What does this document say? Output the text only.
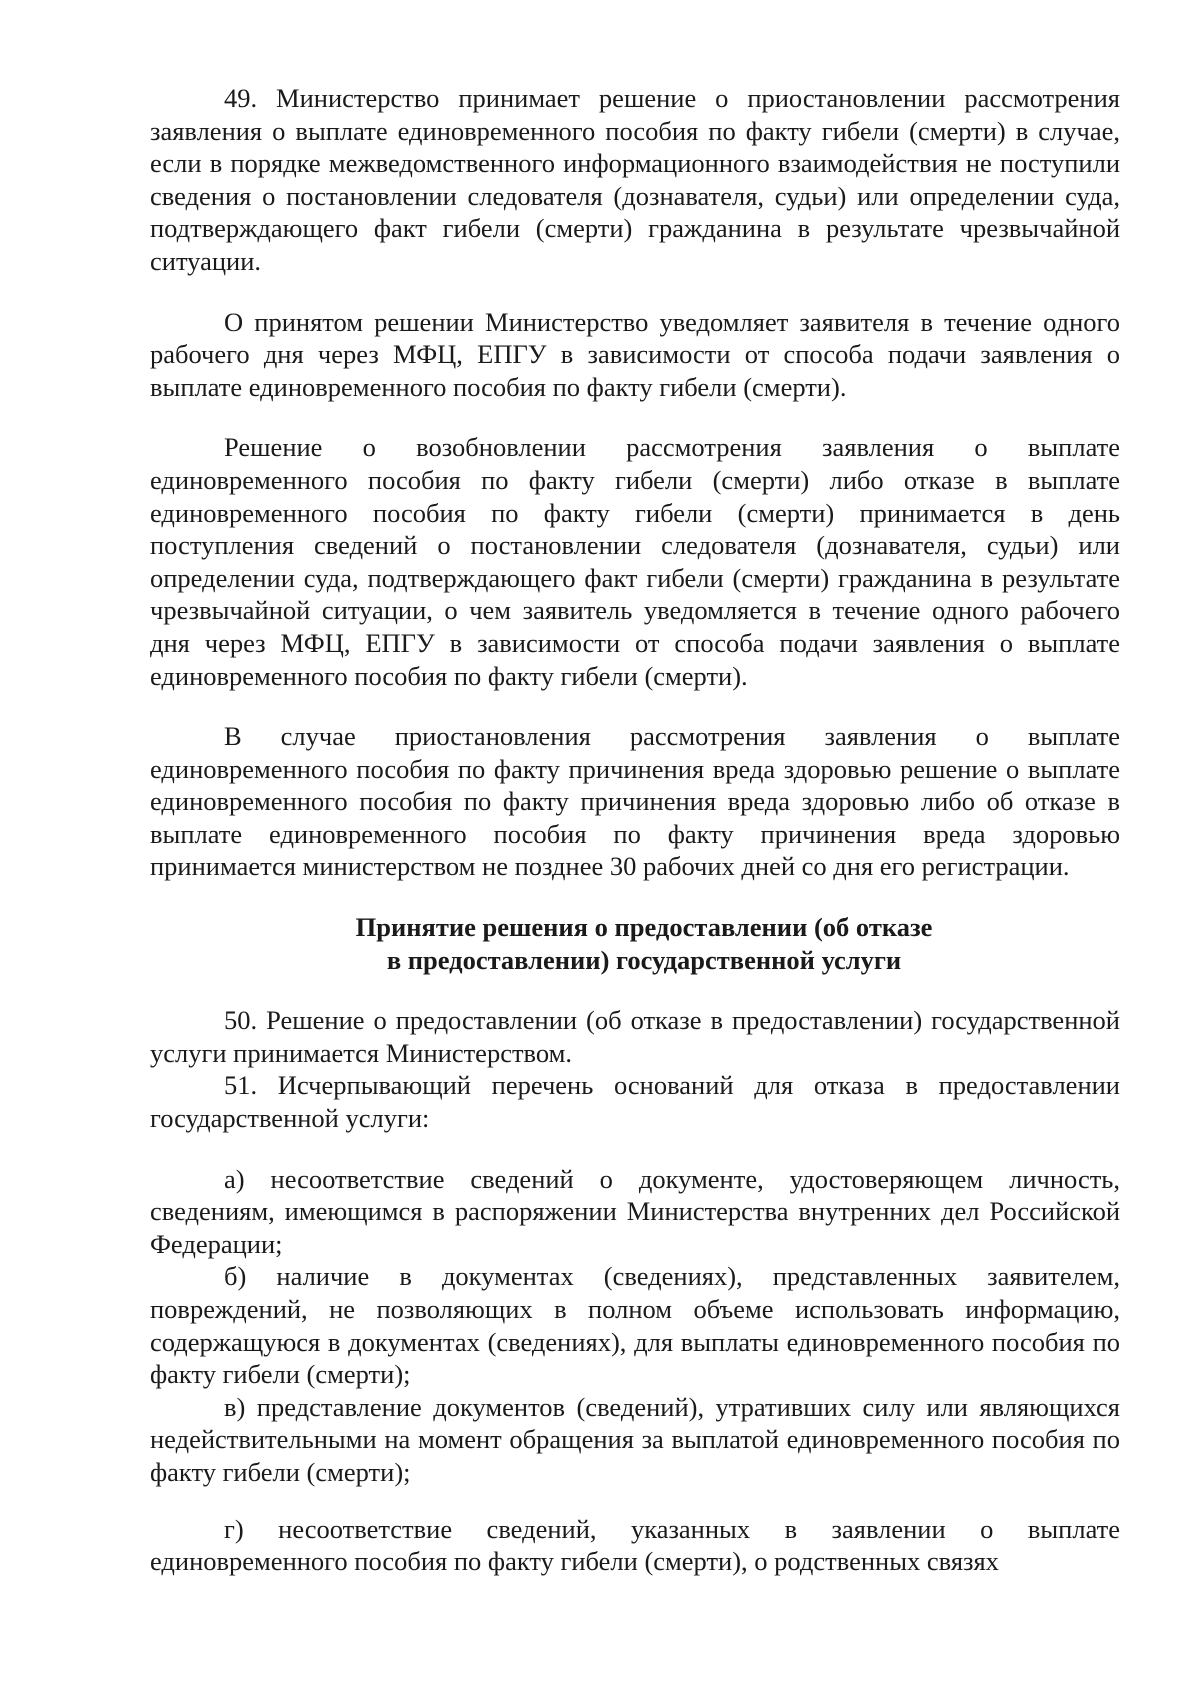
49. Министерство принимает решение о приостановлении рассмотрения заявления о выплате единовременного пособия по факту гибели (смерти) в случае, если в порядке межведомственного информационного взаимодействия не поступили сведения о постановлении следователя (дознавателя, судьи) или определении суда, подтверждающего факт гибели (смерти) гражданина в результате чрезвычайной ситуации.

О принятом решении Министерство уведомляет заявителя в течение одного рабочего дня через МФЦ, ЕПГУ в зависимости от способа подачи заявления о выплате единовременного пособия по факту гибели (смерти).

Решение о возобновлении рассмотрения заявления о выплате единовременного пособия по факту гибели (смерти) либо отказе в выплате единовременного пособия по факту гибели (смерти) принимается в день поступления сведений о постановлении следователя (дознавателя, судьи) или определении суда, подтверждающего факт гибели (смерти) гражданина в результате чрезвычайной ситуации, о чем заявитель уведомляется в течение одного рабочего дня через МФЦ, ЕПГУ в зависимости от способа подачи заявления о выплате единовременного пособия по факту гибели (смерти).

В случае приостановления рассмотрения заявления о выплате единовременного пособия по факту причинения вреда здоровью решение о выплате единовременного пособия по факту причинения вреда здоровью либо об отказе в выплате единовременного пособия по факту причинения вреда здоровью принимается министерством не позднее 30 рабочих дней со дня его регистрации.

Принятие решения о предоставлении (об отказе
в предоставлении) государственной услуги

50. Решение о предоставлении (об отказе в предоставлении) государственной услуги принимается Министерством.

51. Исчерпывающий перечень оснований для отказа в предоставлении государственной услуги:

а) несоответствие сведений о документе, удостоверяющем личность, сведениям, имеющимся в распоряжении Министерства внутренних дел Российской Федерации;

б) наличие в документах (сведениях), представленных заявителем, повреждений, не позволяющих в полном объеме использовать информацию, содержащуюся в документах (сведениях), для выплаты единовременного пособия по факту гибели (смерти);

в) представление документов (сведений), утративших силу или являющихся недействительными на момент обращения за выплатой единовременного пособия по факту гибели (смерти);

г) несоответствие сведений, указанных в заявлении о выплате единовременного пособия по факту гибели (смерти), о родственных связях
